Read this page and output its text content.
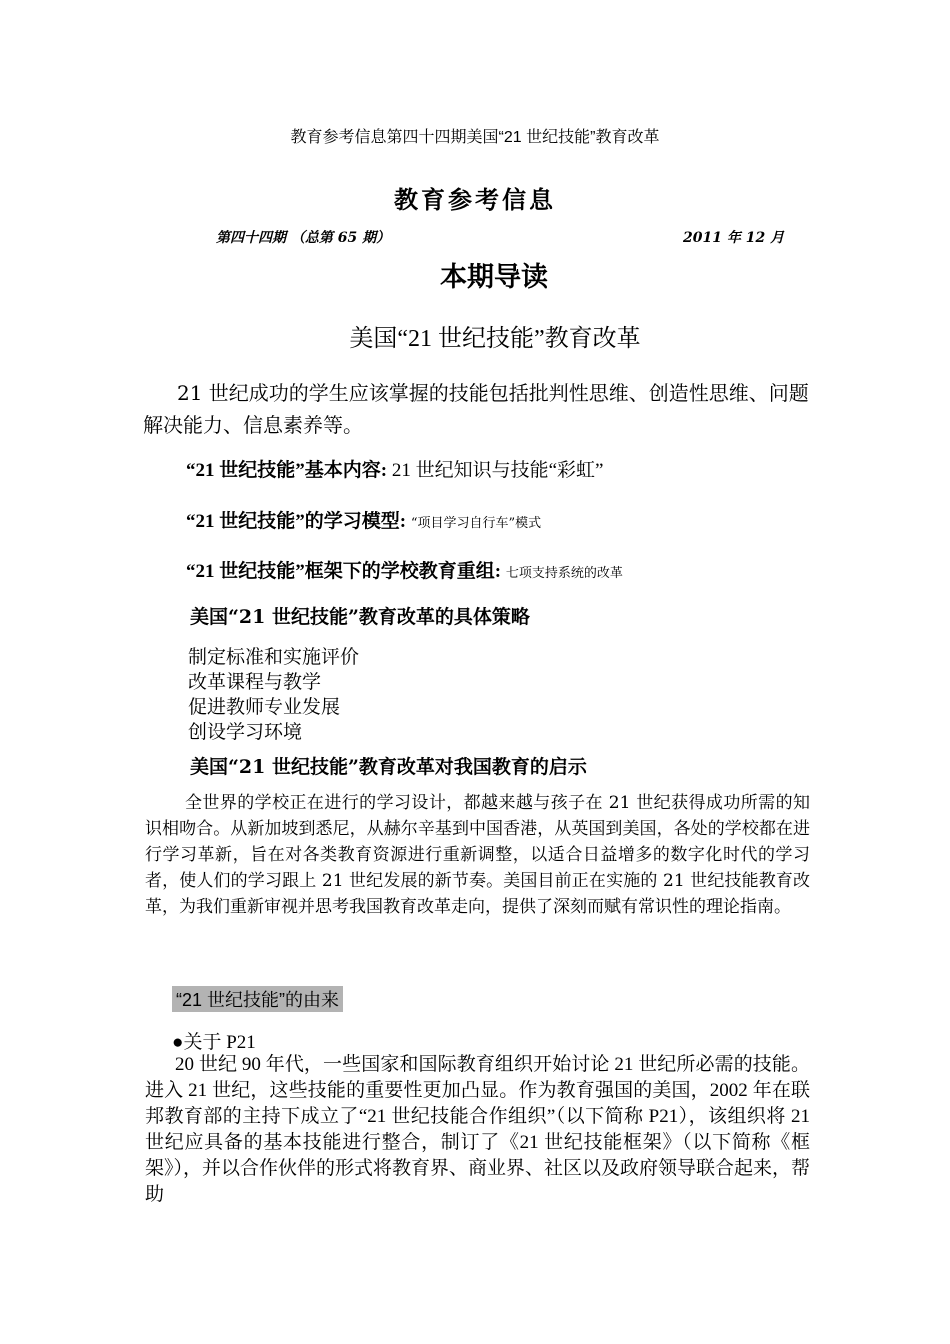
教育参考信息第四十四期美国“21 世纪技能”教育改革
教育参考信息
第四十四期 （总第 65 期）	2011 年 12 月
本期导读
美国“21 世纪技能”教育改革
21 世纪成功的学生应该掌握的技能包括批判性思维、创造性思维、问题解决能力、信息素养等。
“21 世纪技能”基本内容: 21 世纪知识与技能“彩虹”
“21 世纪技能”的学习模型: “项目学习自行车”模式
“21 世纪技能”框架下的学校教育重组: 七项支持系统的改革
美国“21 世纪技能”教育改革的具体策略
制定标准和实施评价
改革课程与教学
促进教师专业发展
创设学习环境
美国“21 世纪技能”教育改革对我国教育的启示
全世界的学校正在进行的学习设计，都越来越与孩子在 21 世纪获得成功所需的知识相吻合。从新加坡到悉尼，从赫尔辛基到中国香港，从英国到美国，各处的学校都在进行学习革新，旨在对各类教育资源进行重新调整，以适合日益增多的数字化时代的学习者，使人们的学习跟上 21 世纪发展的新节奏。美国目前正在实施的 21 世纪技能教育改革，为我们重新审视并思考我国教育改革走向，提供了深刻而赋有常识性的理论指南。
“21 世纪技能”的由来
●关于 P21
20 世纪 90 年代，一些国家和国际教育组织开始讨论 21 世纪所必需的技能。进入 21 世纪，这些技能的重要性更加凸显。作为教育强国的美国，2002 年在联邦教育部的主持下成立了“21 世纪技能合作组织”（以下简称 P21），该组织将 21 世纪应具备的基本技能进行整合，制订了《21 世纪技能框架》（以下简称《框架》），并以合作伙伴的形式将教育界、商业界、社区以及政府领导联合起来，帮助
